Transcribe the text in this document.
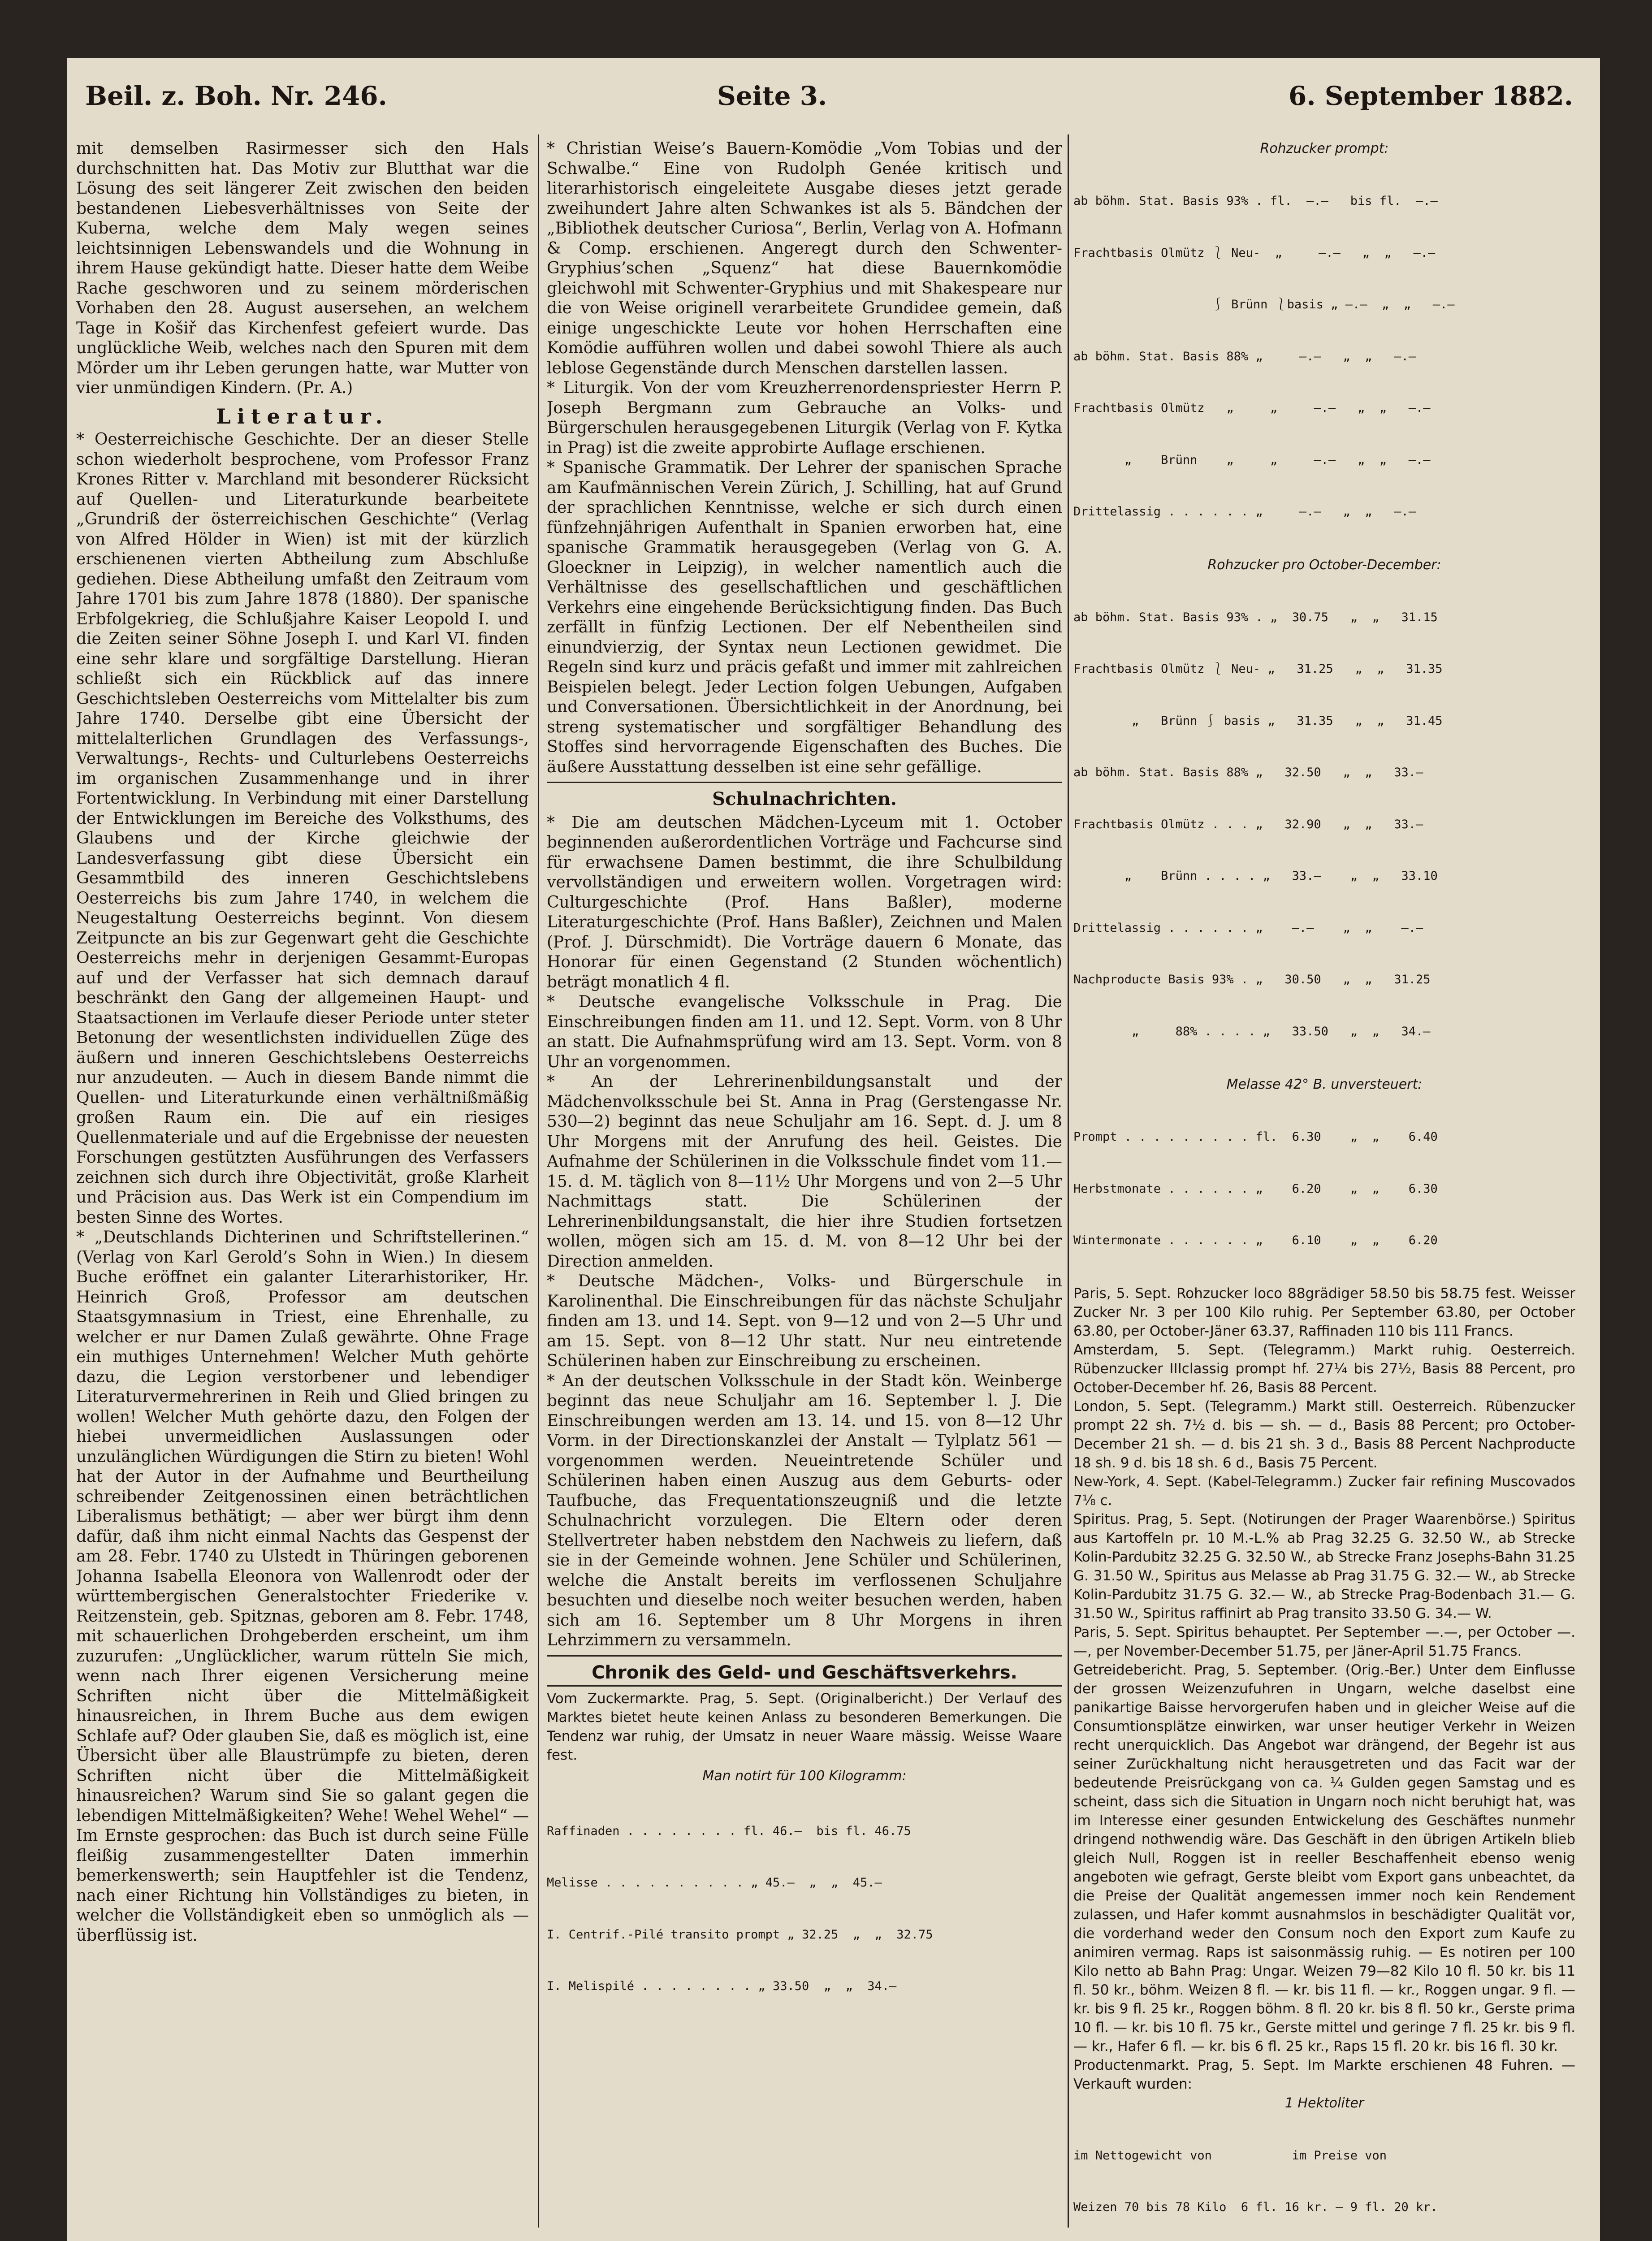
Beil. z. Boh. Nr. 246.	Seite 3.	6. September 1882.

mit demselben Rasirmesser sich den Hals durchschnitten hat. Das Motiv zur Blutthat war die Lösung des seit längerer Zeit zwischen den beiden bestandenen Liebesverhältnisses von Seite der Kuberna, welche dem Maly wegen seines leichtsinnigen Lebenswandels und die Wohnung in ihrem Hause gekündigt hatte. Dieser hatte dem Weibe Rache geschworen und zu seinem mörderischen Vorhaben den 28. August ausersehen, an welchem Tage in Košiř das Kirchenfest gefeiert wurde. Das unglückliche Weib, welches nach den Spuren mit dem Mörder um ihr Leben gerungen hatte, war Mutter von vier unmündigen Kindern. (Pr. A.)

Literatur.

* Oesterreichische Geschichte. Der an dieser Stelle schon wiederholt besprochene, vom Professor Franz Krones Ritter v. Marchland mit besonderer Rücksicht auf Quellen- und Literaturkunde bearbeitete „Grundriß der österreichischen Geschichte“ (Verlag von Alfred Hölder in Wien) ist mit der kürzlich erschienenen vierten Abtheilung zum Abschluße gediehen. Diese Abtheilung umfaßt den Zeitraum vom Jahre 1701 bis zum Jahre 1878 (1880). Der spanische Erbfolgekrieg, die Schlußjahre Kaiser Leopold I. und die Zeiten seiner Söhne Joseph I. und Karl VI. finden eine sehr klare und sorgfältige Darstellung. Hieran schließt sich ein Rückblick auf das innere Geschichtsleben Oesterreichs vom Mittelalter bis zum Jahre 1740. Derselbe gibt eine Übersicht der mittelalterlichen Grundlagen des Verfassungs-, Verwaltungs-, Rechts- und Culturlebens Oesterreichs im organischen Zusammenhange und in ihrer Fortentwicklung. In Verbindung mit einer Darstellung der Entwicklungen im Bereiche des Volksthums, des Glaubens und der Kirche gleichwie der Landesverfassung gibt diese Übersicht ein Gesammtbild des inneren Geschichtslebens Oesterreichs bis zum Jahre 1740, in welchem die Neugestaltung Oesterreichs beginnt. Von diesem Zeitpuncte an bis zur Gegenwart geht die Geschichte Oesterreichs mehr in derjenigen Gesammt-Europas auf und der Verfasser hat sich demnach darauf beschränkt den Gang der allgemeinen Haupt- und Staatsactionen im Verlaufe dieser Periode unter steter Betonung der wesentlichsten individuellen Züge des äußern und inneren Geschichtslebens Oesterreichs nur anzudeuten. — Auch in diesem Bande nimmt die Quellen- und Literaturkunde einen verhältnißmäßig großen Raum ein. Die auf ein riesiges Quellenmateriale und auf die Ergebnisse der neuesten Forschungen gestützten Ausführungen des Verfassers zeichnen sich durch ihre Objectivität, große Klarheit und Präcision aus. Das Werk ist ein Compendium im besten Sinne des Wortes.

* „Deutschlands Dichterinen und Schriftstellerinen.“ (Verlag von Karl Gerold’s Sohn in Wien.) In diesem Buche eröffnet ein galanter Literarhistoriker, Hr. Heinrich Groß, Professor am deutschen Staatsgymnasium in Triest, eine Ehrenhalle, zu welcher er nur Damen Zulaß gewährte. Ohne Frage ein muthiges Unternehmen! Welcher Muth gehörte dazu, die Legion verstorbener und lebendiger Literaturvermehrerinen in Reih und Glied bringen zu wollen! Welcher Muth gehörte dazu, den Folgen der hiebei unvermeidlichen Auslassungen oder unzulänglichen Würdigungen die Stirn zu bieten! Wohl hat der Autor in der Aufnahme und Beurtheilung schreibender Zeitgenossinen einen beträchtlichen Liberalismus bethätigt; — aber wer bürgt ihm denn dafür, daß ihm nicht einmal Nachts das Gespenst der am 28. Febr. 1740 zu Ulstedt in Thüringen geborenen Johanna Isabella Eleonora von Wallenrodt oder der württembergischen Generalstochter Friederike v. Reitzenstein, geb. Spitznas, geboren am 8. Febr. 1748, mit schauerlichen Drohgeberden erscheint, um ihm zuzurufen: „Unglücklicher, warum rütteln Sie mich, wenn nach Ihrer eigenen Versicherung meine Schriften nicht über die Mittelmäßigkeit hinausreichen, in Ihrem Buche aus dem ewigen Schlafe auf? Oder glauben Sie, daß es möglich ist, eine Übersicht über alle Blaustrümpfe zu bieten, deren Schriften nicht über die Mittelmäßigkeit hinausreichen? Warum sind Sie so galant gegen die lebendigen Mittelmäßigkeiten? Wehe! Wehel Wehel“ — Im Ernste gesprochen: das Buch ist durch seine Fülle fleißig zusammengestellter Daten immerhin bemerkenswerth; sein Hauptfehler ist die Tendenz, nach einer Richtung hin Vollständiges zu bieten, in welcher die Vollständigkeit eben so unmöglich als — überflüssig ist.

* Christian Weise’s Bauern-Komödie „Vom Tobias und der Schwalbe.“ Eine von Rudolph Genée kritisch und literarhistorisch eingeleitete Ausgabe dieses jetzt gerade zweihundert Jahre alten Schwankes ist als 5. Bändchen der „Bibliothek deutscher Curiosa“, Berlin, Verlag von A. Hofmann & Comp. erschienen. Angeregt durch den Schwenter-Gryphius’schen „Squenz“ hat diese Bauernkomödie gleichwohl mit Schwenter-Gryphius und mit Shakespeare nur die von Weise originell verarbeitete Grundidee gemein, daß einige ungeschickte Leute vor hohen Herrschaften eine Komödie aufführen wollen und dabei sowohl Thiere als auch leblose Gegenstände durch Menschen darstellen lassen.

* Liturgik. Von der vom Kreuzherrenordenspriester Herrn P. Joseph Bergmann zum Gebrauche an Volks- und Bürgerschulen herausgegebenen Liturgik (Verlag von F. Kytka in Prag) ist die zweite approbirte Auflage erschienen.

* Spanische Grammatik. Der Lehrer der spanischen Sprache am Kaufmännischen Verein Zürich, J. Schilling, hat auf Grund der sprachlichen Kenntnisse, welche er sich durch einen fünfzehnjährigen Aufenthalt in Spanien erworben hat, eine spanische Grammatik herausgegeben (Verlag von G. A. Gloeckner in Leipzig), in welcher namentlich auch die Verhältnisse des gesellschaftlichen und geschäftlichen Verkehrs eine eingehende Berücksichtigung finden. Das Buch zerfällt in fünfzig Lectionen. Der elf Nebentheilen sind einundvierzig, der Syntax neun Lectionen gewidmet. Die Regeln sind kurz und präcis gefaßt und immer mit zahlreichen Beispielen belegt. Jeder Lection folgen Uebungen, Aufgaben und Conversationen. Übersichtlichkeit in der Anordnung, bei streng systematischer und sorgfältiger Behandlung des Stoffes sind hervorragende Eigenschaften des Buches. Die äußere Ausstattung desselben ist eine sehr gefällige.

Schulnachrichten.

* Die am deutschen Mädchen-Lyceum mit 1. October beginnenden außerordentlichen Vorträge und Fachcurse sind für erwachsene Damen bestimmt, die ihre Schulbildung vervollständigen und erweitern wollen. Vorgetragen wird: Culturgeschichte (Prof. Hans Baßler), moderne Literaturgeschichte (Prof. Hans Baßler), Zeichnen und Malen (Prof. J. Dürschmidt). Die Vorträge dauern 6 Monate, das Honorar für einen Gegenstand (2 Stunden wöchentlich) beträgt monatlich 4 fl.

* Deutsche evangelische Volksschule in Prag. Die Einschreibungen finden am 11. und 12. Sept. Vorm. von 8 Uhr an statt. Die Aufnahmsprüfung wird am 13. Sept. Vorm. von 8 Uhr an vorgenommen.

* An der Lehrerinenbildungsanstalt und der Mädchenvolksschule bei St. Anna in Prag (Gerstengasse Nr. 530—2) beginnt das neue Schuljahr am 16. Sept. d. J. um 8 Uhr Morgens mit der Anrufung des heil. Geistes. Die Aufnahme der Schülerinen in die Volksschule findet vom 11.—15. d. M. täglich von 8—11½ Uhr Morgens und von 2—5 Uhr Nachmittags statt. Die Schülerinen der Lehrerinenbildungsanstalt, die hier ihre Studien fortsetzen wollen, mögen sich am 15. d. M. von 8—12 Uhr bei der Direction anmelden.

* Deutsche Mädchen-, Volks- und Bürgerschule in Karolinenthal. Die Einschreibungen für das nächste Schuljahr finden am 13. und 14. Sept. von 9—12 und von 2—5 Uhr und am 15. Sept. von 8—12 Uhr statt. Nur neu eintretende Schülerinen haben zur Einschreibung zu erscheinen.

* An der deutschen Volksschule in der Stadt kön. Weinberge beginnt das neue Schuljahr am 16. September l. J. Die Einschreibungen werden am 13. 14. und 15. von 8—12 Uhr Vorm. in der Directionskanzlei der Anstalt — Tylplatz 561 — vorgenommen werden. Neueintretende Schüler und Schülerinen haben einen Auszug aus dem Geburts- oder Taufbuche, das Frequentationszeugniß und die letzte Schulnachricht vorzulegen. Die Eltern oder deren Stellvertreter haben nebstdem den Nachweis zu liefern, daß sie in der Gemeinde wohnen. Jene Schüler und Schülerinen, welche die Anstalt bereits im verflossenen Schuljahre besuchten und dieselbe noch weiter besuchen werden, haben sich am 16. September um 8 Uhr Morgens in ihren Lehrzimmern zu versammeln.

Chronik des Geld- und Geschäftsverkehrs.

Vom Zuckermarkte. Prag, 5. Sept. (Originalbericht.) Der Verlauf des Marktes bietet heute keinen Anlass zu besonderen Bemerkungen. Die Tendenz war ruhig, der Umsatz in neuer Waare mässig. Weisse Waare fest.

Man notirt für 100 Kilogramm:

Raffinaden . . . . . . . . fl. 46.—  bis fl. 46.75

Melisse . . . . . . . . . . „ 45.—  „  „  45.—

I. Centrif.-Pilé transito prompt „ 32.25  „  „  32.75

I. Melispilé . . . . . . . . „ 33.50  „  „  34.—

Rohzucker prompt:

ab böhm. Stat. Basis 93% . fl.  —.—   bis fl.  —.—

Frachtbasis Olmütz ⎱ Neu-  „     —.—   „  „   —.—

⎰ Brünn ⎱basis „ —.—  „  „   —.—

ab böhm. Stat. Basis 88% „     —.—   „  „   —.—

Frachtbasis Olmütz   „     „     —.—   „  „   —.—

„    Brünn    „     „     —.—   „  „   —.—

Drittelassig . . . . . . „     —.—   „  „   —.—

Rohzucker pro October-December:

ab böhm. Stat. Basis 93% . „  30.75   „  „   31.15

Frachtbasis Olmütz ⎱ Neu- „   31.25   „  „   31.35

„   Brünn ⎰ basis „   31.35   „  „   31.45

ab böhm. Stat. Basis 88% „   32.50   „  „   33.—

Frachtbasis Olmütz . . . „   32.90   „  „   33.—

„    Brünn . . . . „   33.—    „  „   33.10

Drittelassig . . . . . . „    —.—    „  „    —.—

Nachproducte Basis 93% . „   30.50   „  „   31.25

„     88% . . . . „   33.50   „  „   34.—

Melasse 42° B. unversteuert:

Prompt . . . . . . . . . fl.  6.30    „  „    6.40

Herbstmonate . . . . . . „    6.20    „  „    6.30

Wintermonate . . . . . . „    6.10    „  „    6.20

Paris, 5. Sept. Rohzucker loco 88grädiger 58.50 bis 58.75 fest. Weisser Zucker Nr. 3 per 100 Kilo ruhig. Per September 63.80, per October 63.80, per October-Jäner 63.37, Raffinaden 110 bis 111 Francs.

Amsterdam, 5. Sept. (Telegramm.) Markt ruhig. Oesterreich. Rübenzucker IIIclassig prompt hf. 27¼ bis 27½, Basis 88 Percent, pro October-December hf. 26, Basis 88 Percent.

London, 5. Sept. (Telegramm.) Markt still. Oesterreich. Rübenzucker prompt 22 sh. 7½ d. bis — sh. — d., Basis 88 Percent; pro October-December 21 sh. — d. bis 21 sh. 3 d., Basis 88 Percent Nachproducte 18 sh. 9 d. bis 18 sh. 6 d., Basis 75 Percent.

New-York, 4. Sept. (Kabel-Telegramm.) Zucker fair refining Muscovados 7⅛ c.

Spiritus. Prag, 5. Sept. (Notirungen der Prager Waarenbörse.) Spiritus aus Kartoffeln pr. 10 M.-L.% ab Prag 32.25 G. 32.50 W., ab Strecke Kolin-Pardubitz 32.25 G. 32.50 W., ab Strecke Franz Josephs-Bahn 31.25 G. 31.50 W., Spiritus aus Melasse ab Prag 31.75 G. 32.— W., ab Strecke Kolin-Pardubitz 31.75 G. 32.— W., ab Strecke Prag-Bodenbach 31.— G. 31.50 W., Spiritus raffinirt ab Prag transito 33.50 G. 34.— W.

Paris, 5. Sept. Spiritus behauptet. Per September —.—, per October —.—, per November-December 51.75, per Jäner-April 51.75 Francs.

Getreidebericht. Prag, 5. September. (Orig.-Ber.) Unter dem Einflusse der grossen Weizenzufuhren in Ungarn, welche daselbst eine panikartige Baisse hervorgerufen haben und in gleicher Weise auf die Consumtionsplätze einwirken, war unser heutiger Verkehr in Weizen recht unerquicklich. Das Angebot war drängend, der Begehr ist aus seiner Zurückhaltung nicht herausgetreten und das Facit war der bedeutende Preisrückgang von ca. ¼ Gulden gegen Samstag und es scheint, dass sich die Situation in Ungarn noch nicht beruhigt hat, was im Interesse einer gesunden Entwickelung des Geschäftes nunmehr dringend nothwendig wäre. Das Geschäft in den übrigen Artikeln blieb gleich Null, Roggen ist in reeller Beschaffenheit ebenso wenig angeboten wie gefragt, Gerste bleibt vom Export gans unbeachtet, da die Preise der Qualität angemessen immer noch kein Rendement zulassen, und Hafer kommt ausnahmslos in beschädigter Qualität vor, die vorderhand weder den Consum noch den Export zum Kaufe zu animiren vermag. Raps ist saisonmässig ruhig. — Es notiren per 100 Kilo netto ab Bahn Prag: Ungar. Weizen 79—82 Kilo 10 fl. 50 kr. bis 11 fl. 50 kr., böhm. Weizen 8 fl. — kr. bis 11 fl. — kr., Roggen ungar. 9 fl. — kr. bis 9 fl. 25 kr., Roggen böhm. 8 fl. 20 kr. bis 8 fl. 50 kr., Gerste prima 10 fl. — kr. bis 10 fl. 75 kr., Gerste mittel und geringe 7 fl. 25 kr. bis 9 fl. — kr., Hafer 6 fl. — kr. bis 6 fl. 25 kr., Raps 15 fl. 20 kr. bis 16 fl. 30 kr.

Productenmarkt. Prag, 5. Sept. Im Markte erschienen 48 Fuhren. — Verkauft wurden:

1 Hektoliter

im Nettogewicht von           im Preise von

Weizen 70 bis 78 Kilo  6 fl. 16 kr. — 9 fl. 20 kr.
